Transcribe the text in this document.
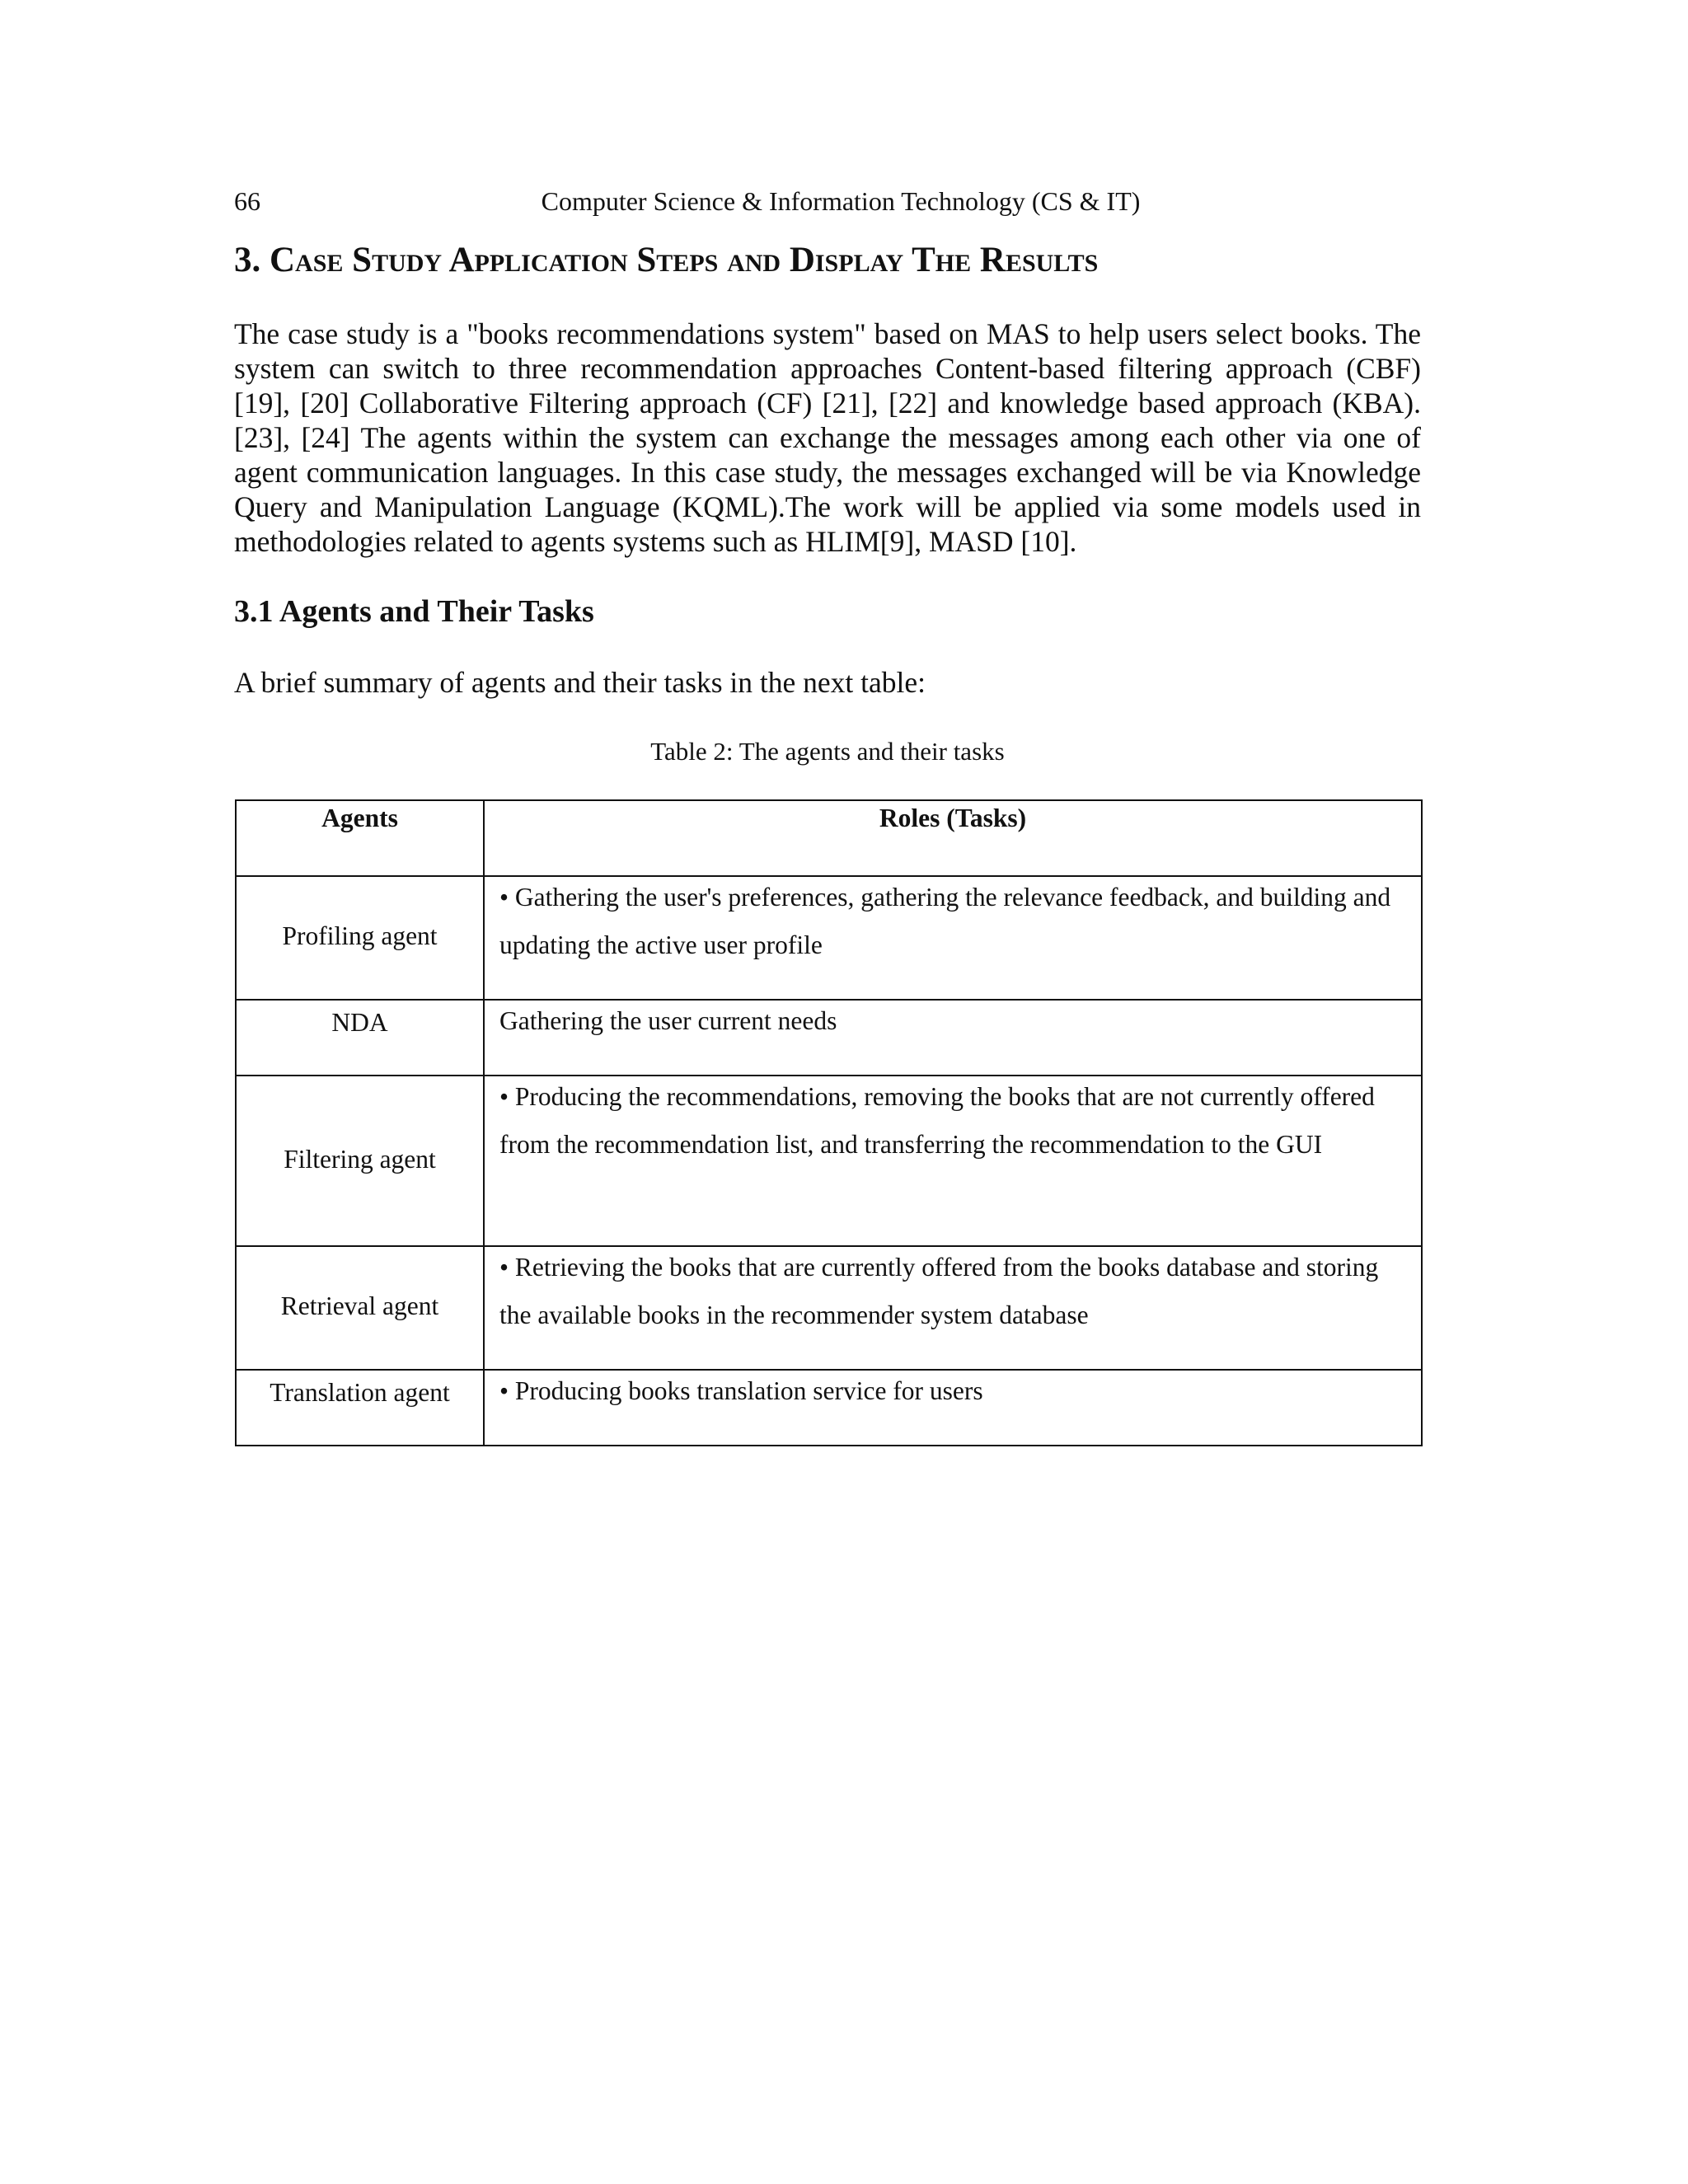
66	Computer Science & Information Technology (CS & IT)
3. Case Study Application Steps and Display The Results

The case study is a "books recommendations system" based on MAS to help users select books. The system can switch to three recommendation approaches Content-based filtering approach (CBF) [19], [20] Collaborative Filtering approach (CF) [21], [22] and knowledge based approach (KBA).[23], [24] The agents within the system can exchange the messages among each other via one of agent communication languages. In this case study, the messages exchanged will be via Knowledge Query and Manipulation Language (KQML).The work will be applied via some models used in methodologies related to agents systems such as HLIM[9], MASD [10].

3.1 Agents and Their Tasks
A brief summary of agents and their tasks in the next table:
Table 2: The agents and their tasks
Agents	Roles (Tasks)
Profiling agent	• Gathering the user's preferences, gathering the relevance feedback, and building and updating the active user profile

NDA	Gathering the user current needs

Filtering agent	• Producing the recommendations, removing the books that are not currently offered from the recommendation list, and transferring the recommendation to the GUI

Retrieval agent	• Retrieving the books that are currently offered from the books database and storing the available books in the recommender system database

Translation agent	• Producing books translation service for users
